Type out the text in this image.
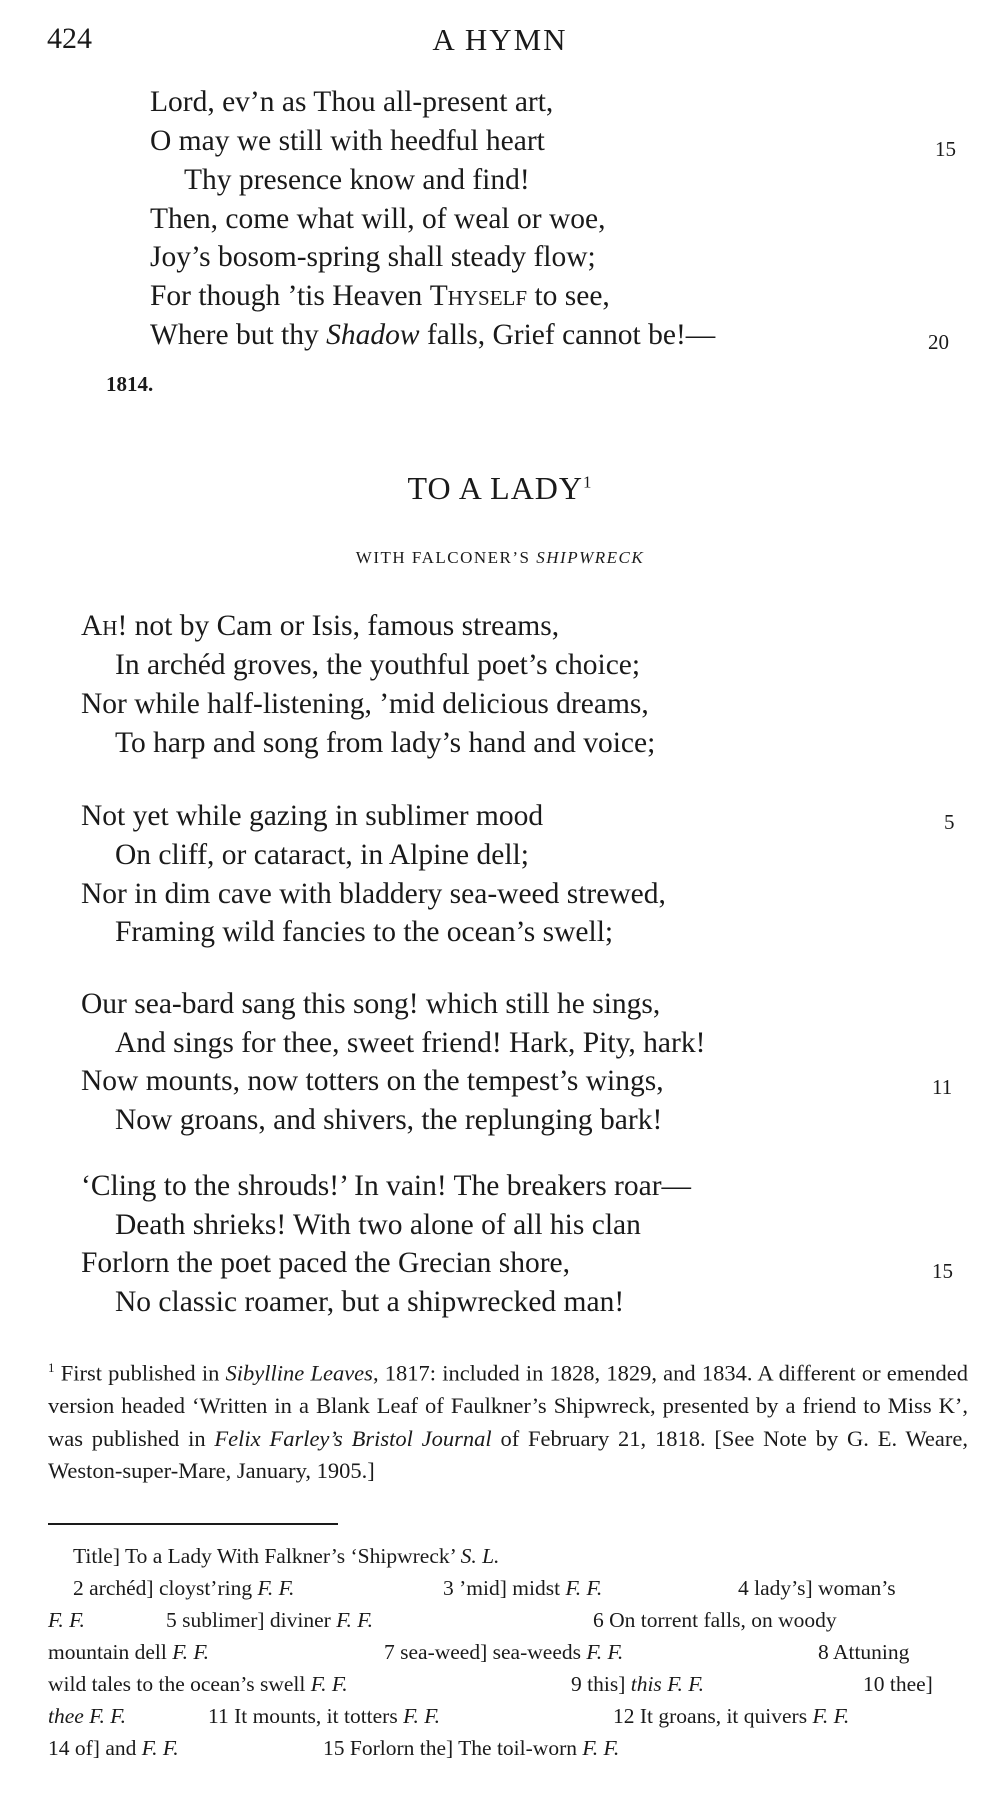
424	A HYMN
Lord, ev’n as Thou all-present art,
O may we still with heedful heart	15
Thy presence know and find!
Then, come what will, of weal or woe,
Joy’s bosom-spring shall steady flow;
For though ’tis Heaven Thyself to see,
Where but thy Shadow falls, Grief cannot be!—	20
1814.
TO A LADY$^1$
WITH FALCONER’S SHIPWRECK
Ah! not by Cam or Isis, famous streams,
In archéd groves, the youthful poet’s choice;
Nor while half-listening, ’mid delicious dreams,
To harp and song from lady’s hand and voice;
Not yet while gazing in sublimer mood	5
On cliff, or cataract, in Alpine dell;
Nor in dim cave with bladdery sea-weed strewed,
Framing wild fancies to the ocean’s swell;
Our sea-bard sang this song! which still he sings,
And sings for thee, sweet friend! Hark, Pity, hark!
Now mounts, now totters on the tempest’s wings,	11
Now groans, and shivers, the replunging bark!
‘Cling to the shrouds!’ In vain! The breakers roar—
Death shrieks! With two alone of all his clan
Forlorn the poet paced the Grecian shore,	15
No classic roamer, but a shipwrecked man!
$^1$ First published in Sibylline Leaves, 1817: included in 1828, 1829, and 1834. A different or emended version headed ‘Written in a Blank Leaf of Faulkner’s Shipwreck, presented by a friend to Miss K’, was published in Felix Farley’s Bristol Journal of February 21, 1818. [See Note by G. E. Weare, Weston-super-Mare, January, 1905.]
Title] To a Lady With Falkner’s ‘Shipwreck’ S. L.
2 archéd] cloyst’ring F. F.	3 ’mid] midst F. F.	4 lady’s] woman’s
F. F.	5 sublimer] diviner F. F.	6 On torrent falls, on woody
mountain dell F. F.	7 sea-weed] sea-weeds F. F.	8 Attuning
wild tales to the ocean’s swell F. F.	9 this] this F. F.	10 thee]
thee F. F.	11 It mounts, it totters F. F.	12 It groans, it quivers F. F.
14 of] and F. F.	15 Forlorn the] The toil-worn F. F.
